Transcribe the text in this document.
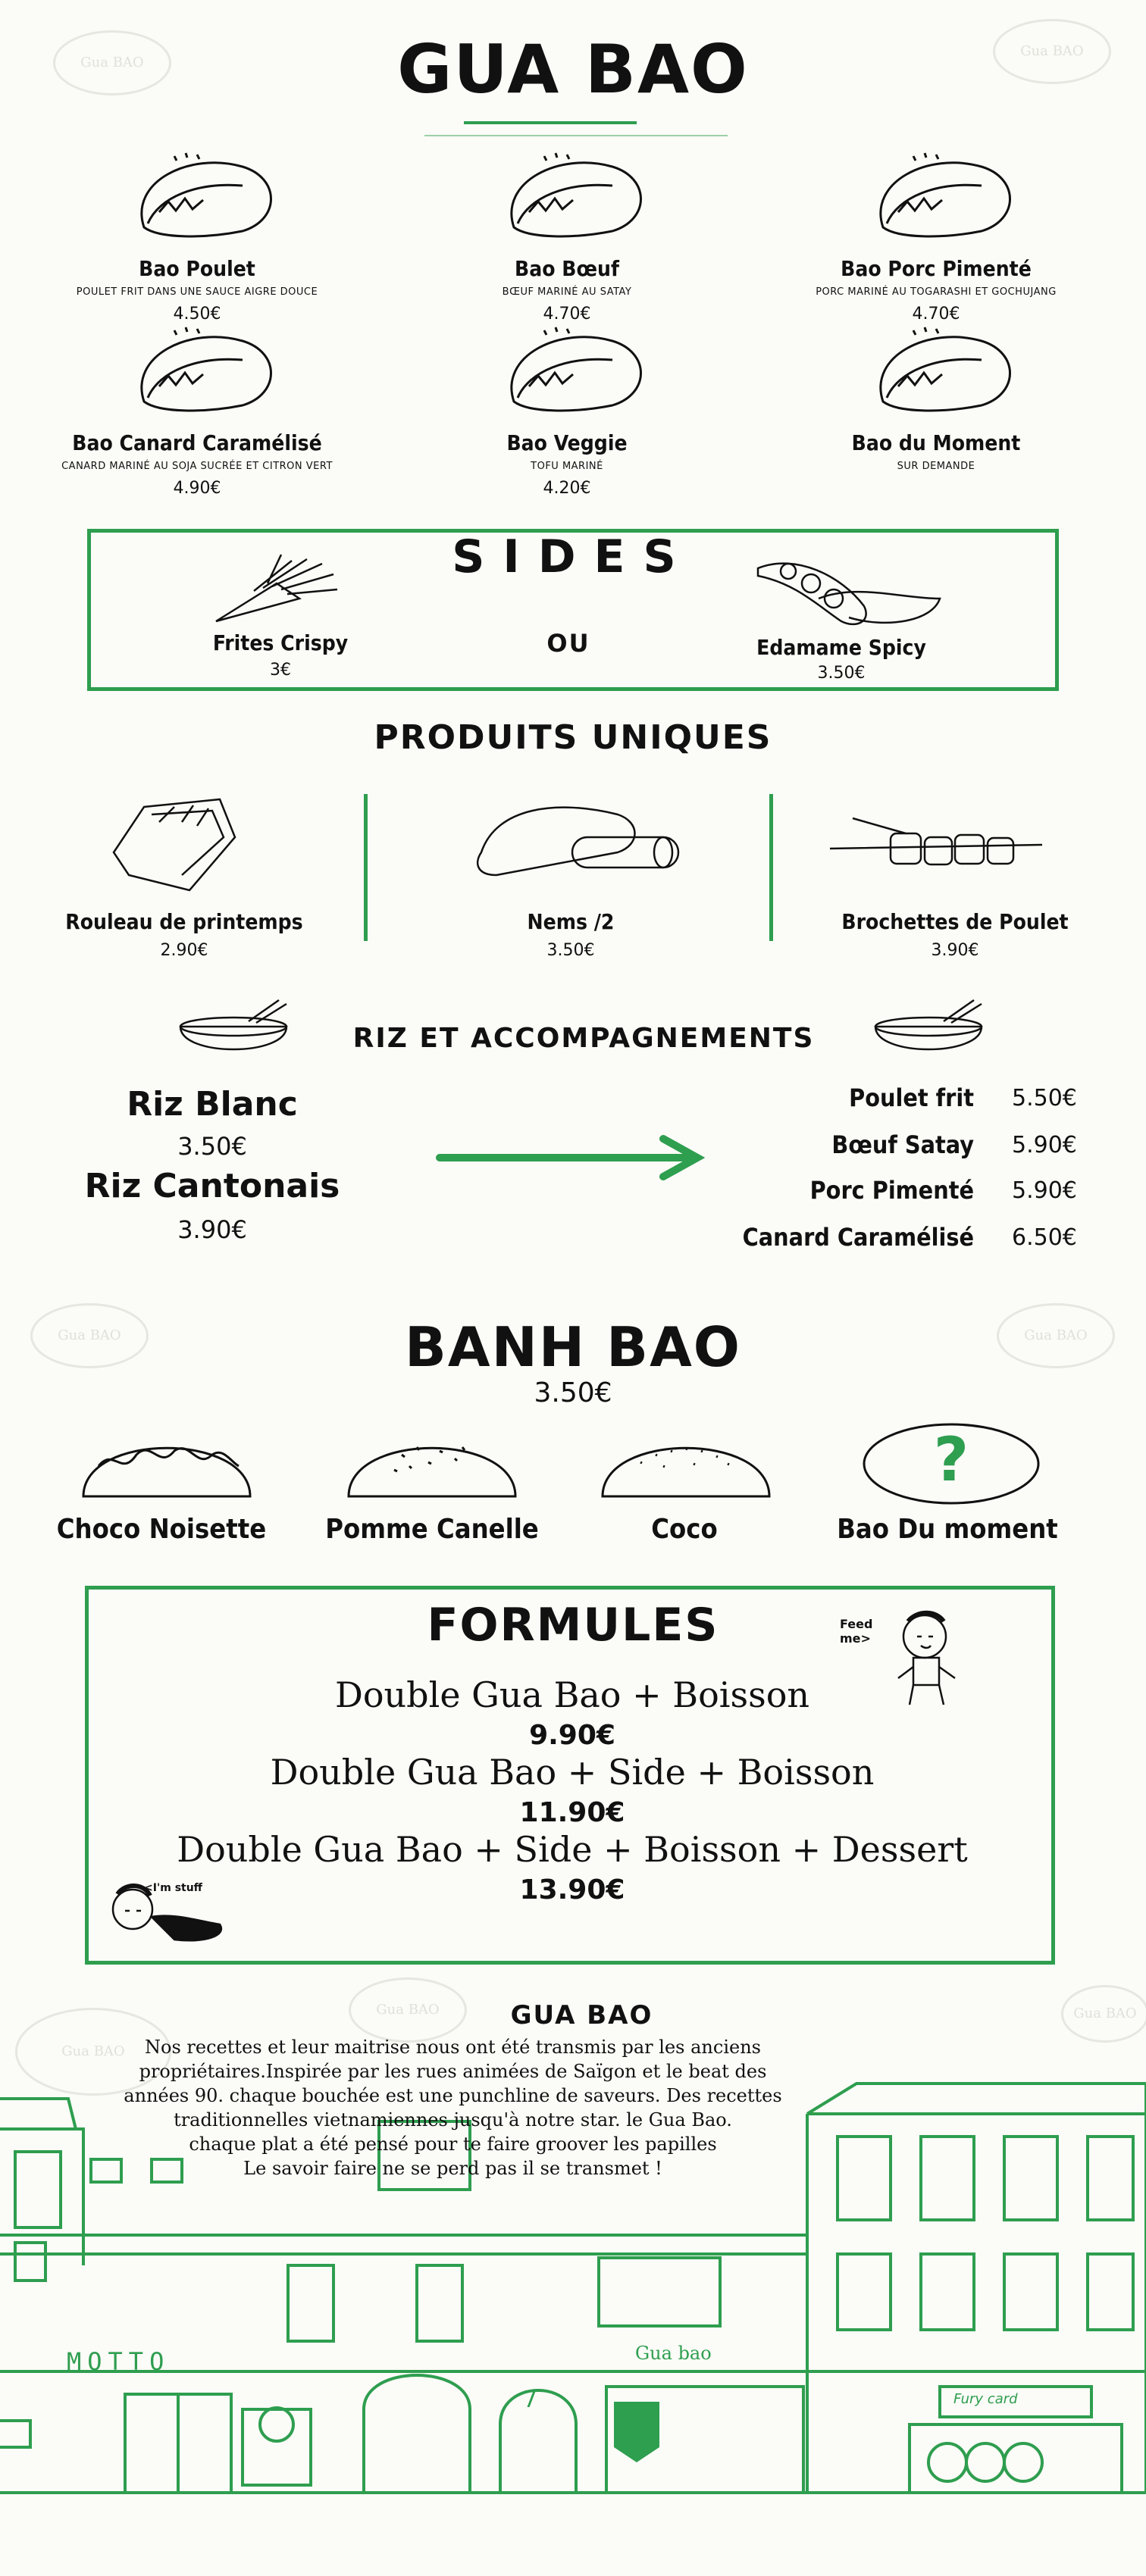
Gua BAO
Gua BAO
Gua BAO	Gua BAO
Gua BAO
Gua BAO
Gua BAO
GUA BAO
SIDES
Frites Crispy
3€
OU	Edamame Spicy
3.50€
PRODUITS UNIQUES
RIZ ET ACCOMPAGNEMENTS
Riz Blanc
3.50€
Riz Cantonais
3.90€
BANH BAO
3.50€
?
FORMULES	Feed me>
<I'm stuff
GUA BAO
MOTTO	Gua bao
Fury card
7
Bao Poulet
POULET FRIT DANS UNE SAUCE AIGRE DOUCE
4.50€
Bao Bœuf
BŒUF MARINÉ AU SATAY
4.70€
Bao Porc Pimenté
PORC MARINÉ AU TOGARASHI ET GOCHUJANG
4.70€
Bao Canard Caramélisé
CANARD MARINÉ AU SOJA SUCRÉE ET CITRON VERT
4.90€
Bao Veggie
TOFU MARINÉ
4.20€
Bao du Moment
SUR DEMANDE
Rouleau de printemps
2.90€
Nems /2
3.50€
Brochettes de Poulet
3.90€
Poulet frit 5.50€
Bœuf Satay 5.90€
Porc Pimenté 5.90€
Canard Caramélisé 6.50€
Choco Noisette	Pomme Canelle	Coco	Bao Du moment
Double Gua Bao + Boisson
9.90€
Double Gua Bao + Side + Boisson
11.90€
Double Gua Bao + Side + Boisson + Dessert
13.90€
Nos recettes et leur maitrise nous ont été transmis par les anciens
propriétaires.Inspirée par les rues animées de Saïgon et le beat des
années 90. chaque bouchée est une punchline de saveurs. Des recettes
traditionnelles vietnamiennes jusqu'à notre star. le Gua Bao.
chaque plat a été pensé pour te faire groover les papilles
Le savoir faire ne se perd pas il se transmet !
